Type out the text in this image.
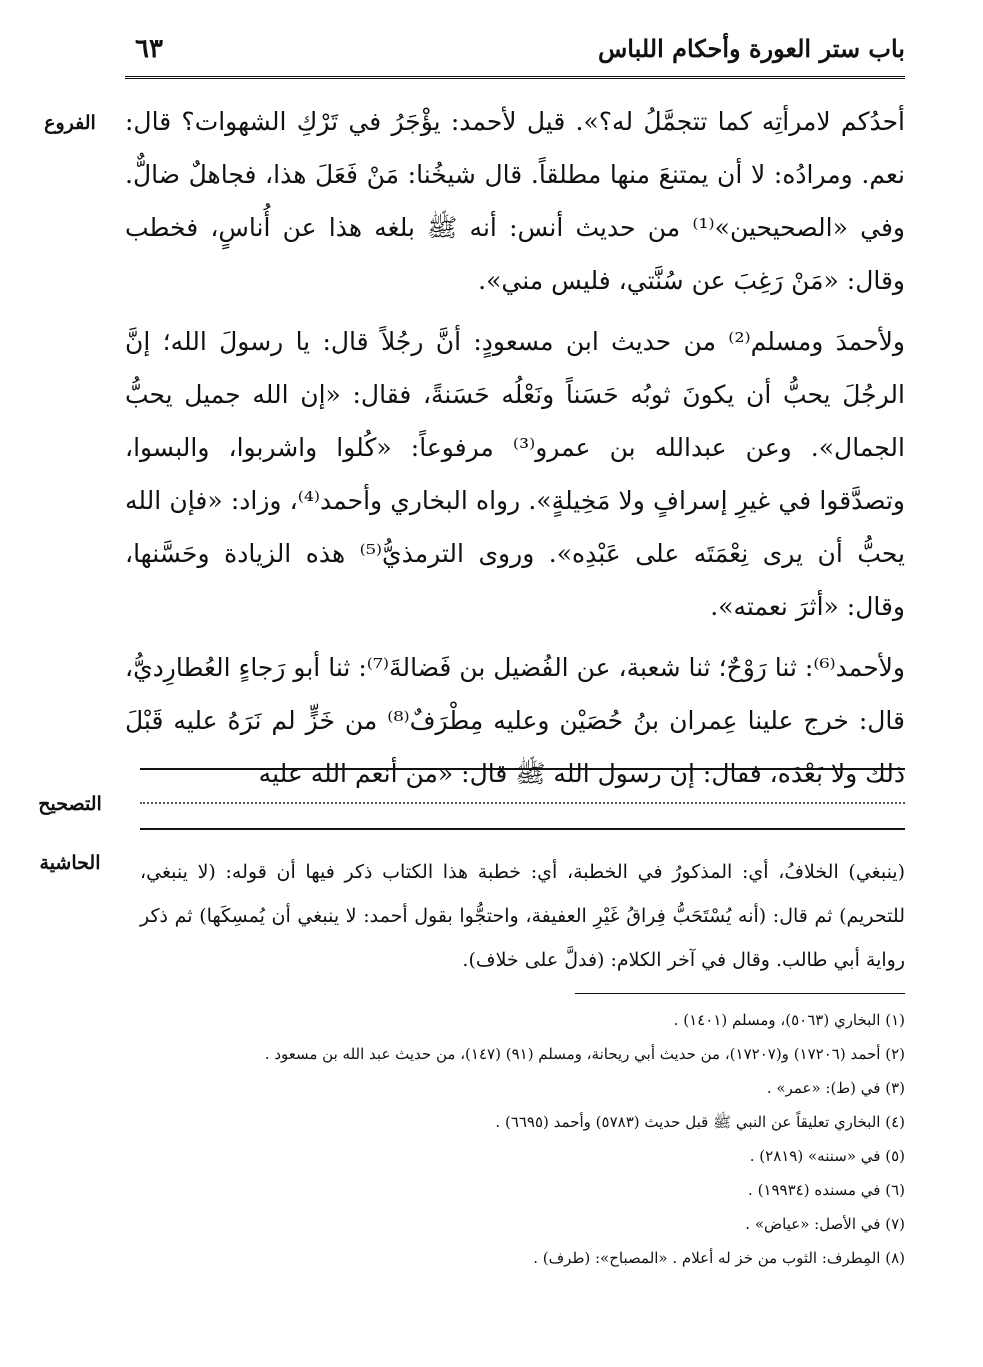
باب ستر العورة وأحكام اللباس
٦٣
الفروع	أحدُكم لامرأتِه كما تتجمَّلُ له؟». قيل لأحمد: يؤْجَرُ في تَرْكِ الشهوات؟ قال: نعم. ومرادُه: لا أن يمتنعَ منها مطلقاً. قال شيخُنا: مَنْ فَعَلَ هذا، فجاهلٌ ضالٌّ. وفي «الصحيحين»⁽¹⁾ من حديث أنس: أنه ﷺ بلغه هذا عن أُناسٍ، فخطب وقال: «مَنْ رَغِبَ عن سُنَّتي، فليس مني».

ولأحمدَ ومسلم⁽²⁾ من حديث ابن مسعودٍ: أنَّ رجُلاً قال: يا رسولَ الله؛ إنَّ الرجُلَ يحبُّ أن يكونَ ثوبُه حَسَناً ونَعْلُه حَسَنةً، فقال: «إن الله جميل يحبُّ الجمال». وعن عبدالله بن عمرو⁽³⁾ مرفوعاً: «كُلوا واشربوا، والبسوا، وتصدَّقوا في غيرِ إسرافٍ ولا مَخِيلةٍ». رواه البخاري وأحمد⁽⁴⁾، وزاد: «فإن الله يحبُّ أن يرى نِعْمَتَه على عَبْدِه». وروى الترمذيُّ⁽⁵⁾ هذه الزيادة وحَسَّنها، وقال: «أثرَ نعمته».

ولأحمد⁽⁶⁾: ثنا رَوْحٌ؛ ثنا شعبة، عن الفُضيل بن فَضالةَ⁽⁷⁾: ثنا أبو رَجاءٍ العُطارِديُّ، قال: خرج علينا عِمران بنُ حُصَيْن وعليه مِطْرَفٌ⁽⁸⁾ من خَزٍّ لم نَرَهُ عليه قَبْلَ ذلك ولا بَعْدَه، فقال: إن رسول الله ﷺ قال: «من أنعم الله عليه

التصحيح
الحاشية	(ينبغي) الخلافُ، أي: المذكورُ في الخطبة، أي: خطبة هذا الكتاب ذكر فيها أن قوله: (لا ينبغي، للتحريم) ثم قال: (أنه يُسْتَحَبُّ فِراقُ غَيْرِ العفيفة، واحتجُّوا بقول أحمد: لا ينبغي أن يُمسِكَها) ثم ذكر رواية أبي طالب. وقال في آخر الكلام: (فدلَّ على خلاف).
(١) البخاري (٥٠٦٣)، ومسلم (١٤٠١) .
(٢) أحمد (١٧٢٠٦) و(١٧٢٠٧)، من حديث أبي ريحانة، ومسلم (٩١) (١٤٧)، من حديث عبد الله بن مسعود .
(٣) في (ط): «عمر» .
(٤) البخاري تعليقاً عن النبي ﷺ قبل حديث (٥٧٨٣) وأحمد (٦٦٩٥) .
(٥) في «سننه» (٢٨١٩) .
(٦) في مسنده (١٩٩٣٤) .
(٧) في الأصل: «عياض» .
(٨) المِطرف: الثوب من خز له أعلام . «المصباح»: (طرف) .
